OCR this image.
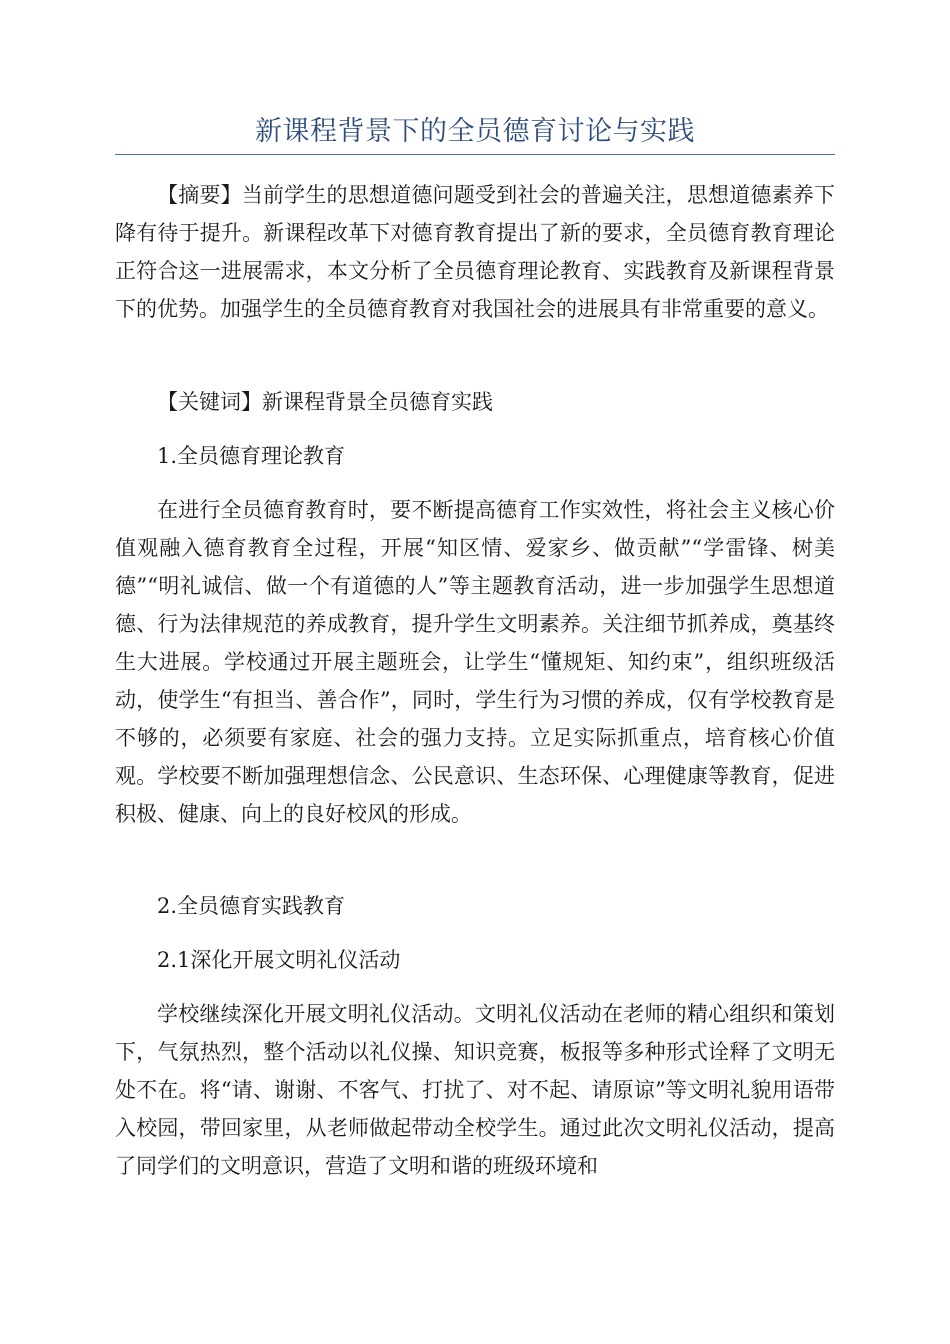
新课程背景下的全员德育讨论与实践

【摘要】当前学生的思想道德问题受到社会的普遍关注，思想道德素养下降有待于提升。新课程改革下对德育教育提出了新的要求，全员德育教育理论正符合这一进展需求，本文分析了全员德育理论教育、实践教育及新课程背景下的优势。加强学生的全员德育教育对我国社会的进展具有非常重要的意义。

【关键词】新课程背景全员德育实践

1.全员德育理论教育

在进行全员德育教育时，要不断提高德育工作实效性，将社会主义核心价值观融入德育教育全过程，开展“知区情、爱家乡、做贡献”“学雷锋、树美德”“明礼诚信、做一个有道德的人”等主题教育活动，进一步加强学生思想道德、行为法律规范的养成教育，提升学生文明素养。关注细节抓养成，奠基终生大进展。学校通过开展主题班会，让学生“懂规矩、知约束”，组织班级活动，使学生“有担当、善合作”，同时，学生行为习惯的养成，仅有学校教育是不够的，必须要有家庭、社会的强力支持。立足实际抓重点，培育核心价值观。学校要不断加强理想信念、公民意识、生态环保、心理健康等教育，促进积极、健康、向上的良好校风的形成。

2.全员德育实践教育

2.1深化开展文明礼仪活动

学校继续深化开展文明礼仪活动。文明礼仪活动在老师的精心组织和策划下，气氛热烈，整个活动以礼仪操、知识竞赛，板报等多种形式诠释了文明无处不在。将“请、谢谢、不客气、打扰了、对不起、请原谅”等文明礼貌用语带入校园，带回家里，从老师做起带动全校学生。通过此次文明礼仪活动，提高了同学们的文明意识，营造了文明和谐的班级环境和
